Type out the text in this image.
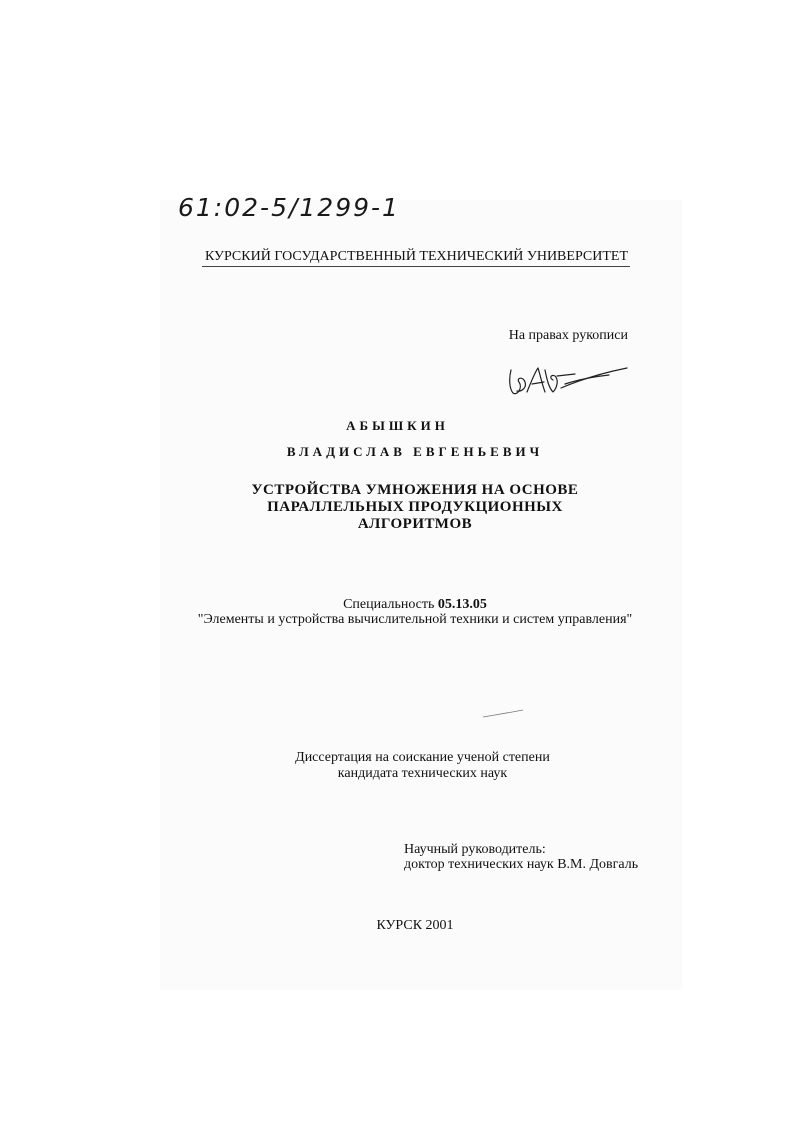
61:02-5/1299-1
КУРСКИЙ ГОСУДАРСТВЕННЫЙ ТЕХНИЧЕСКИЙ УНИВЕРСИТЕТ
На правах рукописи
АБЫШКИН
ВЛАДИСЛАВ ЕВГЕНЬЕВИЧ
УСТРОЙСТВА УМНОЖЕНИЯ НА ОСНОВЕ
ПАРАЛЛЕЛЬНЫХ ПРОДУКЦИОННЫХ
АЛГОРИТМОВ
Специальность 05.13.05
"Элементы и устройства вычислительной техники и систем управления"
Диссертация на соискание ученой степени
кандидата технических наук
Научный руководитель:
доктор технических наук В.М. Довгаль
КУРСК 2001
